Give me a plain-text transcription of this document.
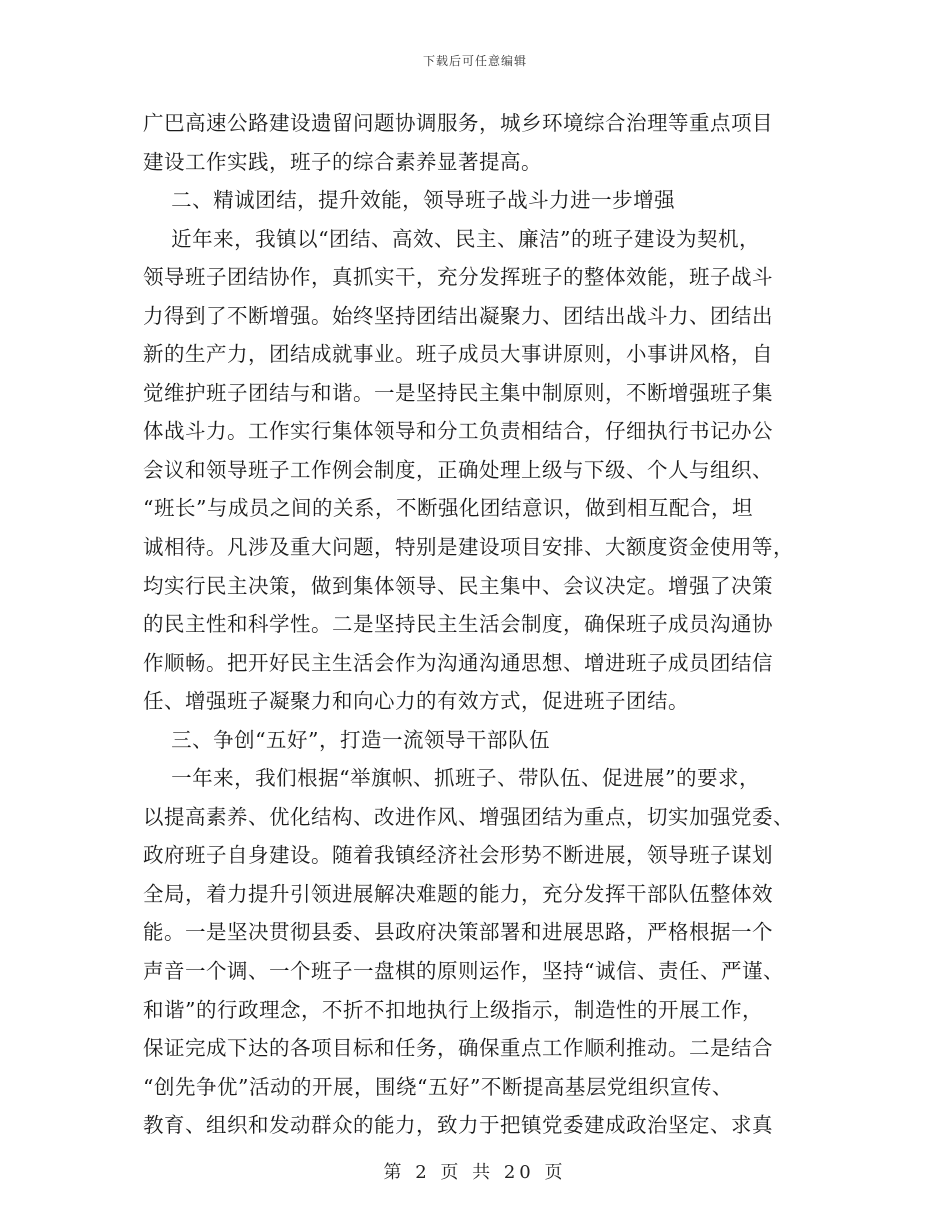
下载后可任意编辑
广巴高速公路建设遗留问题协调服务，城乡环境综合治理等重点项目
建设工作实践，班子的综合素养显著提高。
二、精诚团结，提升效能，领导班子战斗力进一步增强
近年来，我镇以“团结、高效、民主、廉洁”的班子建设为契机，
领导班子团结协作，真抓实干，充分发挥班子的整体效能，班子战斗
力得到了不断增强。始终坚持团结出凝聚力、团结出战斗力、团结出
新的生产力，团结成就事业。班子成员大事讲原则，小事讲风格，自
觉维护班子团结与和谐。一是坚持民主集中制原则，不断增强班子集
体战斗力。工作实行集体领导和分工负责相结合，仔细执行书记办公
会议和领导班子工作例会制度，正确处理上级与下级、个人与组织、
“班长”与成员之间的关系，不断强化团结意识，做到相互配合，坦
诚相待。凡涉及重大问题，特别是建设项目安排、大额度资金使用等，
均实行民主决策，做到集体领导、民主集中、会议决定。增强了决策
的民主性和科学性。二是坚持民主生活会制度，确保班子成员沟通协
作顺畅。把开好民主生活会作为沟通沟通思想、增进班子成员团结信
任、增强班子凝聚力和向心力的有效方式，促进班子团结。
三、争创“五好”，打造一流领导干部队伍
一年来，我们根据“举旗帜、抓班子、带队伍、促进展”的要求，
以提高素养、优化结构、改进作风、增强团结为重点，切实加强党委、
政府班子自身建设。随着我镇经济社会形势不断进展，领导班子谋划
全局，着力提升引领进展解决难题的能力，充分发挥干部队伍整体效
能。一是坚决贯彻县委、县政府决策部署和进展思路，严格根据一个
声音一个调、一个班子一盘棋的原则运作，坚持“诚信、责任、严谨、
和谐”的行政理念，不折不扣地执行上级指示，制造性的开展工作，
保证完成下达的各项目标和任务，确保重点工作顺利推动。二是结合
“创先争优”活动的开展，围绕“五好”不断提高基层党组织宣传、
教育、组织和发动群众的能力，致力于把镇党委建成政治坚定、求真
第 2 页 共 20 页
